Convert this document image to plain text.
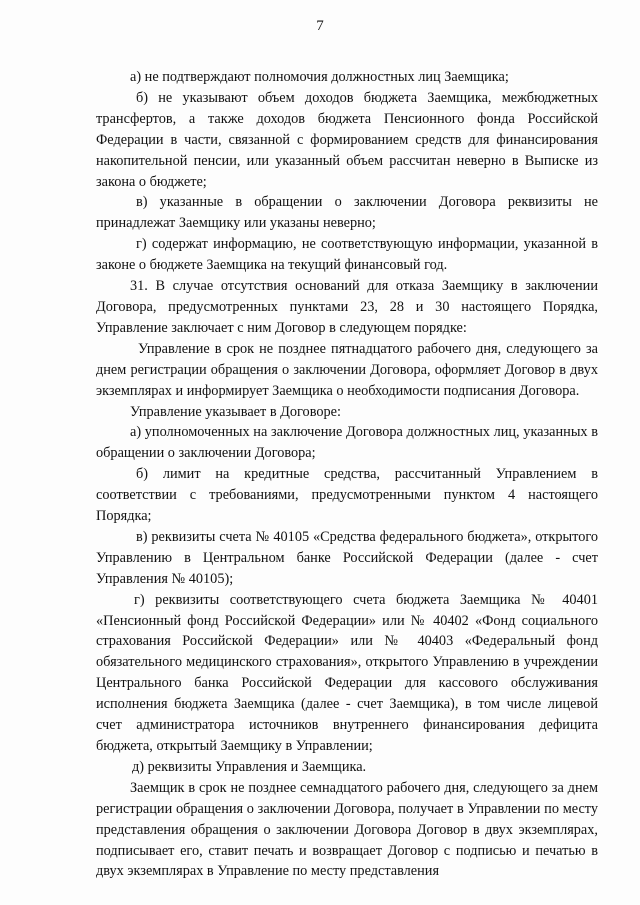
7

а) не подтверждают полномочия должностных лиц Заемщика;

б) не указывают объем доходов бюджета Заемщика, межбюджетных трансфертов, а также доходов бюджета Пенсионного фонда Российской Федерации в части, связанной с формированием средств для финансирования накопительной пенсии, или указанный объем рассчитан неверно в Выписке из закона о бюджете;

в) указанные в обращении о заключении Договора реквизиты не принадлежат Заемщику или указаны неверно;

г) содержат информацию, не соответствующую информации, указанной в законе о бюджете Заемщика на текущий финансовый год.

31. В случае отсутствия оснований для отказа Заемщику в заключении Договора, предусмотренных пунктами 23, 28 и 30 настоящего Порядка, Управление заключает с ним Договор в следующем порядке:

Управление в срок не позднее пятнадцатого рабочего дня, следующего за днем регистрации обращения о заключении Договора, оформляет Договор в двух экземплярах и информирует Заемщика о необходимости подписания Договора.

Управление указывает в Договоре:

а) уполномоченных на заключение Договора должностных лиц, указанных в обращении о заключении Договора;

б) лимит на кредитные средства, рассчитанный Управлением в соответствии с требованиями, предусмотренными пунктом 4 настоящего Порядка;

в) реквизиты счета № 40105 «Средства федерального бюджета», открытого Управлению в Центральном банке Российской Федерации (далее - счет Управления № 40105);

г) реквизиты соответствующего счета бюджета Заемщика № 40401 «Пенсионный фонд Российской Федерации» или № 40402 «Фонд социального страхования Российской Федерации» или № 40403 «Федеральный фонд обязательного медицинского страхования», открытого Управлению в учреждении Центрального банка Российской Федерации для кассового обслуживания исполнения бюджета Заемщика (далее - счет Заемщика), в том числе лицевой счет администратора источников внутреннего финансирования дефицита бюджета, открытый Заемщику в Управлении;

д) реквизиты Управления и Заемщика.

Заемщик в срок не позднее семнадцатого рабочего дня, следующего за днем регистрации обращения о заключении Договора, получает в Управлении по месту представления обращения о заключении Договора Договор в двух экземплярах, подписывает его, ставит печать и возвращает Договор с подписью и печатью в двух экземплярах в Управление по месту представления
